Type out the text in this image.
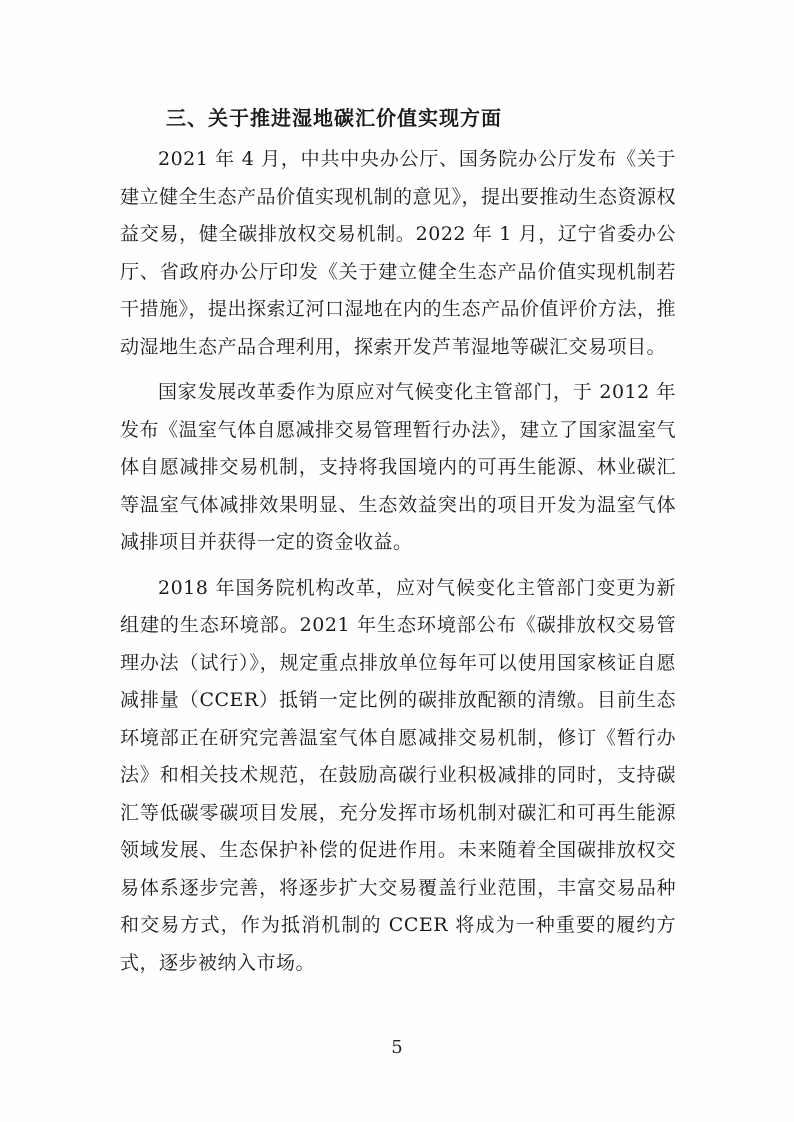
三、关于推进湿地碳汇价值实现方面

2021 年 4 月，中共中央办公厅、国务院办公厅发布《关于建立健全生态产品价值实现机制的意见》，提出要推动生态资源权益交易，健全碳排放权交易机制。2022 年 1 月，辽宁省委办公厅、省政府办公厅印发《关于建立健全生态产品价值实现机制若干措施》，提出探索辽河口湿地在内的生态产品价值评价方法，推动湿地生态产品合理利用，探索开发芦苇湿地等碳汇交易项目。

国家发展改革委作为原应对气候变化主管部门，于 2012 年发布《温室气体自愿减排交易管理暂行办法》，建立了国家温室气体自愿减排交易机制，支持将我国境内的可再生能源、林业碳汇等温室气体减排效果明显、生态效益突出的项目开发为温室气体减排项目并获得一定的资金收益。

2018 年国务院机构改革，应对气候变化主管部门变更为新组建的生态环境部。2021 年生态环境部公布《碳排放权交易管理办法（试行）》，规定重点排放单位每年可以使用国家核证自愿减排量（CCER）抵销一定比例的碳排放配额的清缴。目前生态环境部正在研究完善温室气体自愿减排交易机制，修订《暂行办法》和相关技术规范，在鼓励高碳行业积极减排的同时，支持碳汇等低碳零碳项目发展，充分发挥市场机制对碳汇和可再生能源领域发展、生态保护补偿的促进作用。未来随着全国碳排放权交易体系逐步完善，将逐步扩大交易覆盖行业范围，丰富交易品种和交易方式，作为抵消机制的 CCER 将成为一种重要的履约方式，逐步被纳入市场。

5
